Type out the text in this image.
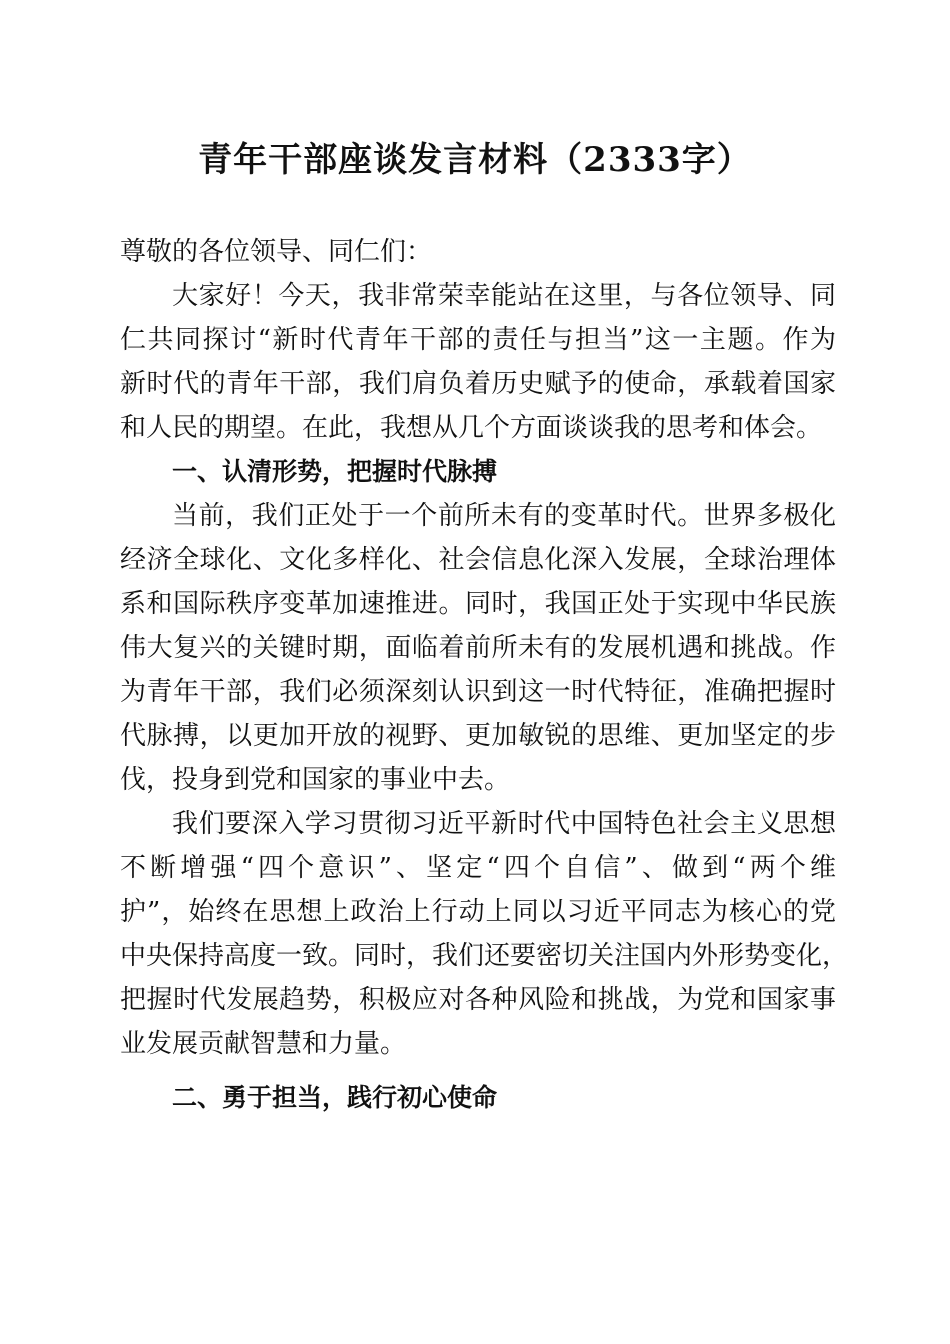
青年干部座谈发言材料（2333字）

尊敬的各位领导、同仁们：

大家好！今天，我非常荣幸能站在这里，与各位领导、同

仁共同探讨“新时代青年干部的责任与担当”这一主题。作为

新时代的青年干部，我们肩负着历史赋予的使命，承载着国家

和人民的期望。在此，我想从几个方面谈谈我的思考和体会。

一、认清形势，把握时代脉搏

当前，我们正处于一个前所未有的变革时代。世界多极化

经济全球化、文化多样化、社会信息化深入发展，全球治理体

系和国际秩序变革加速推进。同时，我国正处于实现中华民族

伟大复兴的关键时期，面临着前所未有的发展机遇和挑战。作

为青年干部，我们必须深刻认识到这一时代特征，准确把握时

代脉搏，以更加开放的视野、更加敏锐的思维、更加坚定的步

伐，投身到党和国家的事业中去。

我们要深入学习贯彻习近平新时代中国特色社会主义思想

不断增强“四个意识”、坚定“四个自信”、做到“两个维

护”，始终在思想上政治上行动上同以习近平同志为核心的党

中央保持高度一致。同时，我们还要密切关注国内外形势变化，

把握时代发展趋势，积极应对各种风险和挑战，为党和国家事

业发展贡献智慧和力量。

二、勇于担当，践行初心使命
